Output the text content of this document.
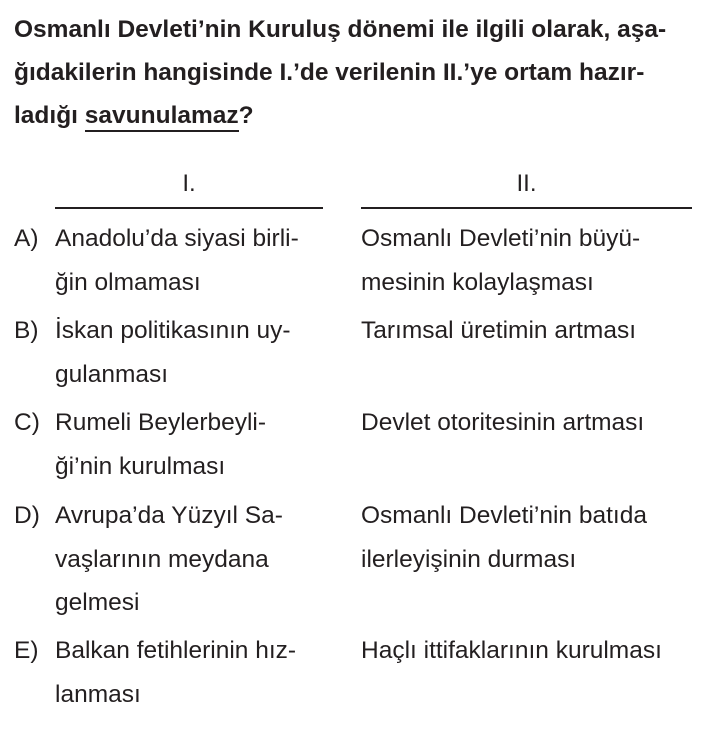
Osmanlı Devleti’nin Kuruluş dönemi ile ilgili olarak, aşa-
ğıdakilerin hangisinde I.’de verilenin II.’ye ortam hazır-
ladığı savunulamaz?
I.	II.
A) Anadolu’da siyasi birli-
ğin olmaması
Osmanlı Devleti’nin büyü-
mesinin kolaylaşması
B) İskan politikasının uy-
gulanması
Tarımsal üretimin artması
C) Rumeli Beylerbeyli-
ği’nin kurulması
Devlet otoritesinin artması
D) Avrupa’da Yüzyıl Sa-
vaşlarının meydana
gelmesi
Osmanlı Devleti’nin batıda
ilerleyişinin durması
E) Balkan fetihlerinin hız-
lanması
Haçlı ittifaklarının kurulması
